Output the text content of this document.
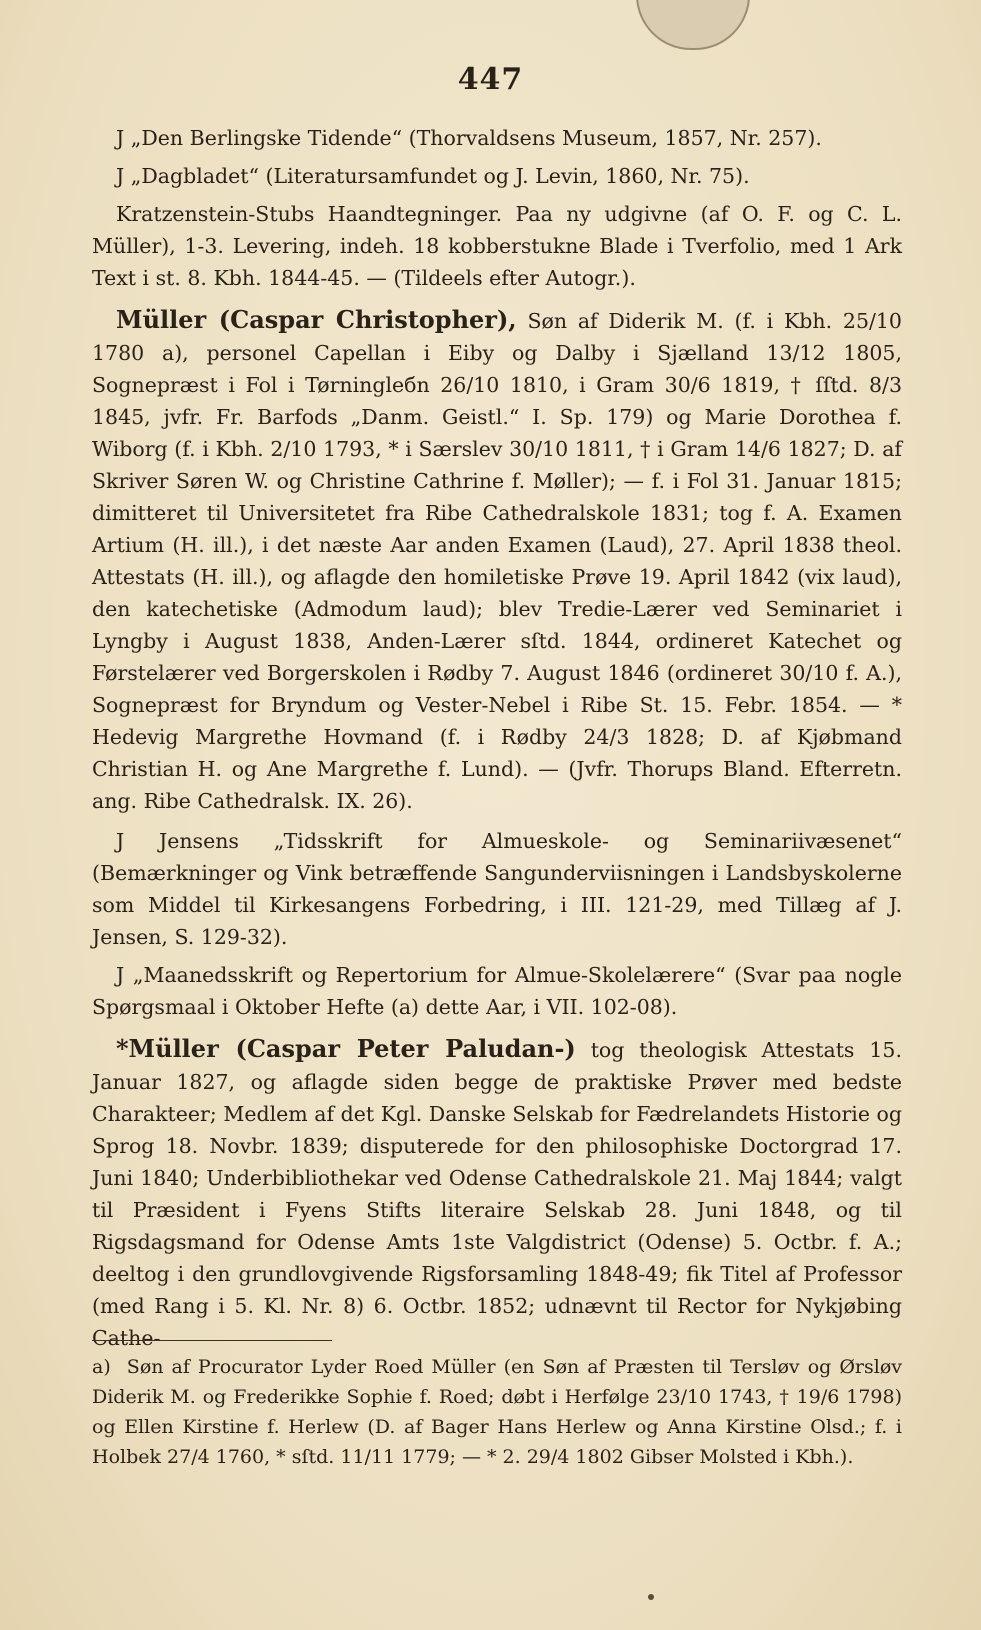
447

J „Den Berlingske Tidende“ (Thorvaldsens Museum, 1857, Nr. 257).

J „Dagbladet“ (Literatursamfundet og J. Levin, 1860, Nr. 75).

Kratzenstein-Stubs Haandtegninger. Paa ny udgivne (af O. F. og C. L. Müller), 1-3. Levering, indeh. 18 kobberstukne Blade i Tverfolio, med 1 Ark Text i st. 8. Kbh. 1844-45. — (Tildeels efter Autogr.).

Müller (Caspar Christopher), Søn af Diderik M. (f. i Kbh. 25/10 1780 a), personel Capellan i Eiby og Dalby i Sjælland 13/12 1805, Sognepræst i Fol i Tørningleбn 26/10 1810, i Gram 30/6 1819, † ſſtd. 8/3 1845, jvfr. Fr. Barfods „Danm. Geistl.“ I. Sp. 179) og Marie Dorothea f. Wiborg (f. i Kbh. 2/10 1793, * i Særslev 30/10 1811, † i Gram 14/6 1827; D. af Skriver Søren W. og Christine Cathrine f. Møller); — f. i Fol 31. Januar 1815; dimitteret til Universitetet fra Ribe Cathedralskole 1831; tog f. A. Examen Artium (H. ill.), i det næste Aar anden Examen (Laud), 27. April 1838 theol. Attestats (H. ill.), og aflagde den homiletiske Prøve 19. April 1842 (vix laud), den katechetiske (Admodum laud); blev Tredie-Lærer ved Seminariet i Lyngby i August 1838, Anden-Lærer sſtd. 1844, ordineret Katechet og Førstelærer ved Borgerskolen i Rødby 7. August 1846 (ordineret 30/10 f. A.), Sognepræst for Bryndum og Vester-Nebel i Ribe St. 15. Febr. 1854. — * Hedevig Margrethe Hovmand (f. i Rødby 24/3 1828; D. af Kjøbmand Christian H. og Ane Margrethe f. Lund). — (Jvfr. Thorups Bland. Efterretn. ang. Ribe Cathedralsk. IX. 26).

J Jensens „Tidsskrift for Almueskole- og Seminariivæsenet“ (Bemærkninger og Vink betræffende Sangunderviisningen i Landsbyskolerne som Middel til Kirkesangens Forbedring, i III. 121-29, med Tillæg af J. Jensen, S. 129-32).

J „Maanedsskrift og Repertorium for Almue-Skolelærere“ (Svar paa nogle Spørgsmaal i Oktober Hefte (a) dette Aar, i VII. 102-08).

*Müller (Caspar Peter Paludan-) tog theologisk Attestats 15. Januar 1827, og aflagde siden begge de praktiske Prøver med bedste Charakteer; Medlem af det Kgl. Danske Selskab for Fædrelandets Historie og Sprog 18. Novbr. 1839; disputerede for den philosophiske Doctorgrad 17. Juni 1840; Underbibliothekar ved Odense Cathedralskole 21. Maj 1844; valgt til Præsident i Fyens Stifts literaire Selskab 28. Juni 1848, og til Rigsdagsmand for Odense Amts 1ste Valgdistrict (Odense) 5. Octbr. f. A.; deeltog i den grundlovgivende Rigsforsamling 1848-49; fik Titel af Professor (med Rang i 5. Kl. Nr. 8) 6. Octbr. 1852; udnævnt til Rector for Nykjøbing Cathe-

a) Søn af Procurator Lyder Roed Müller (en Søn af Præsten til Tersløv og Ørsløv Diderik M. og Frederikke Sophie f. Roed; døbt i Herfølge 23/10 1743, † 19/6 1798) og Ellen Kirstine f. Herlew (D. af Bager Hans Herlew og Anna Kirstine Olsd.; f. i Holbek 27/4 1760, * sſtd. 11/11 1779; — * 2. 29/4 1802 Gibser Molsted i Kbh.).
